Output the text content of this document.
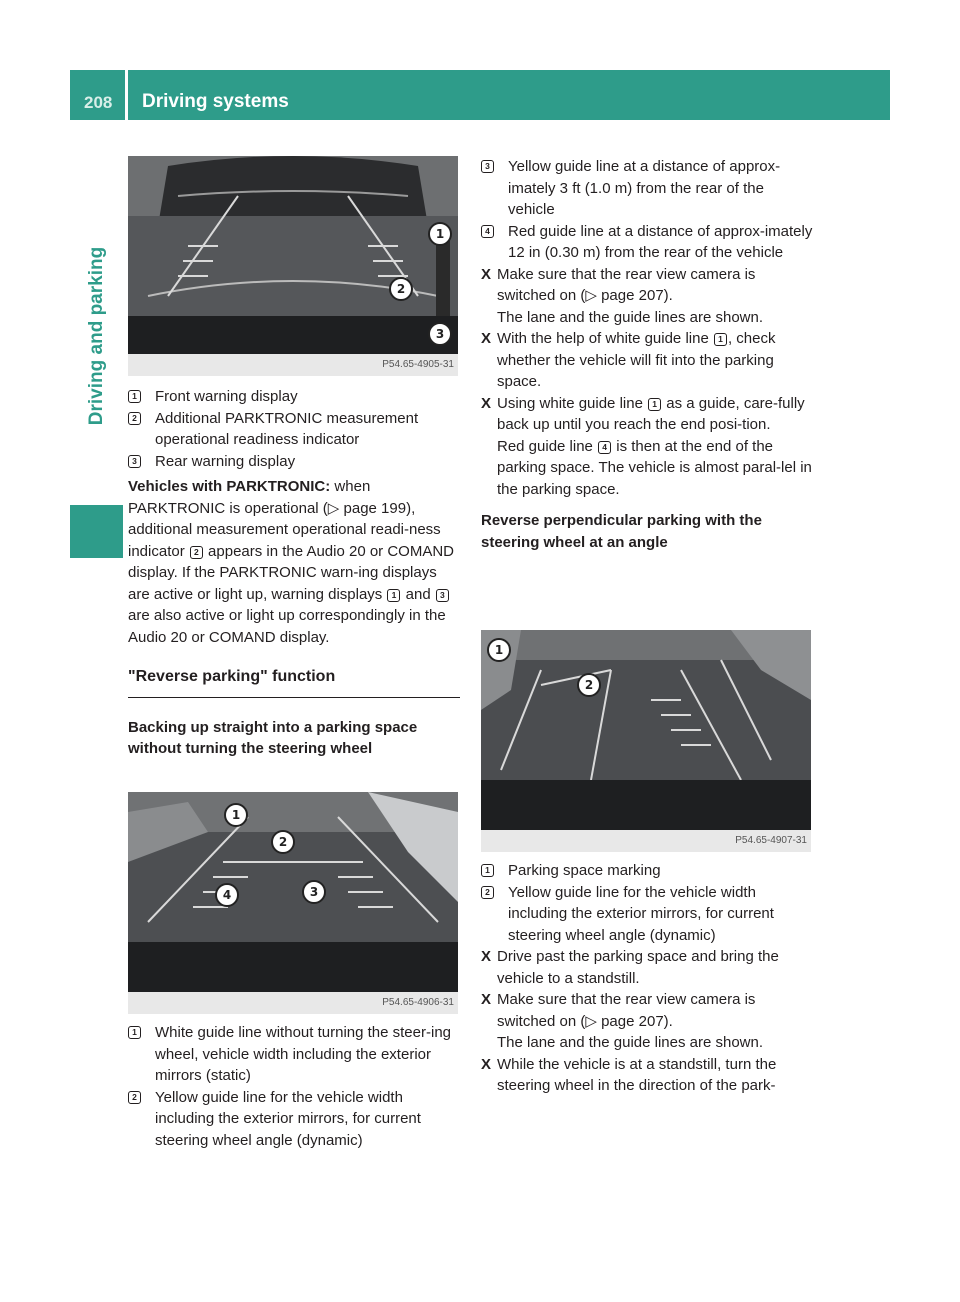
208 Driving systems
Driving and parking
1
2
3
P54.65-4905-31
1 Front warning display
2 Additional PARKTRONIC measurement operational readiness indicator
3 Rear warning display

Vehicles with PARKTRONIC: when PARKTRONIC is operational (▷ page 199), additional measurement operational readi-ness indicator 2 appears in the Audio 20 or COMAND display. If the PARKTRONIC warn-ing displays are active or light up, warning displays 1 and 3 are also active or light up correspondingly in the Audio 20 or COMAND display.

"Reverse parking" function

Backing up straight into a parking space without turning the steering wheel

1
2
3
4
P54.65-4906-31
1 White guide line without turning the steer-ing wheel, vehicle width including the exterior mirrors (static)
2 Yellow guide line for the vehicle width including the exterior mirrors, for current steering wheel angle (dynamic)
3 Yellow guide line at a distance of approx-imately 3 ft (1.0 m) from the rear of the vehicle
4 Red guide line at a distance of approx-imately 12 in (0.30 m) from the rear of the vehicle
X Make sure that the rear view camera is switched on (▷ page 207).
The lane and the guide lines are shown.
X With the help of white guide line 1 , check whether the vehicle will fit into the parking space.
X Using white guide line 1 as a guide, care-fully back up until you reach the end posi-tion.
Red guide line 4 is then at the end of the parking space. The vehicle is almost paral-lel in the parking space.

Reverse perpendicular parking with the steering wheel at an angle

1
2
P54.65-4907-31
1 Parking space marking
2 Yellow guide line for the vehicle width including the exterior mirrors, for current steering wheel angle (dynamic)
X Drive past the parking space and bring the vehicle to a standstill.
X Make sure that the rear view camera is switched on (▷ page 207).
The lane and the guide lines are shown.
X While the vehicle is at a standstill, turn the steering wheel in the direction of the park-
